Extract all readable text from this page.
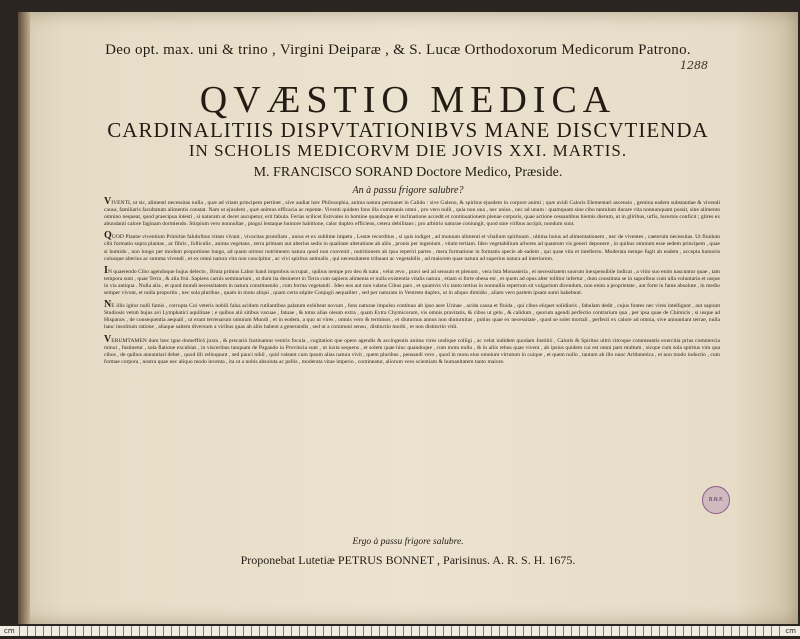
Deo opt. max. uni & trino , Virgini Deiparæ , & S. Lucæ Orthodoxorum Medicorum Patrono.
1288
QVÆSTIO MEDICA
CARDINALITIIS DISPVTATIONIBVS MANE DISCVTIENDA
IN SCHOLIS MEDICORVM DIE JOVIS XXI. MARTIS.
M. FRANCISCO SORAND Doctore Medico, Præside.
An à passu frigore salubre?

VIVENTI, ut sic, alimenti necessitas nulla , quæ ad vitam principem pertinet , sive audiat hæc Philosophia, anima natura permanet in Calido : sive Galeno, & spiritus ejusdem in corpore animi ; quæ avidi Caloris Elementari ascensio , gemina eadem substantiae & vivendi causa, familiaris facultatum alimentis constat. Nam ut ejusdem , quæ animus efficacia ac repente. Viventi quidem fons illa communis omni , pro vero nulli , quia non una , nec unius , nec ad unum : quamquam sine cibo tantulum durare vita nonnunquam possit, sine alimento omnino nequeat, quod praecipua intesti , si naturam ut decet aucupetur, erit fabula. Ferias scilicet Estivales in homine quandoque et inclinatione accedit et continuationem plenae corporis, quae actione cessantibus hiemis dierum, ut in gliribus, urfis, lucernis conficit ; glires ex abundanti calore faginam dormiendo. Stirpium vero nonnullae , pingui lentaque humore habitione, calor duplex efficiens, cetera debilitans ; pro arbitrio naturae coniungit, quod sine viribus accipit, nondum sunt.

QUOD Plantæ viventium Primitiæ falubribus vitam vivant , vivacitas protollam , unius et ex sublime impetu , Lestæ recorditus , si quis indiget , ad mutuum alimenti et vitalium spirituum , ultima huius ad alimentationem , nec de viventes , caeterum necessitas. Ut fluidum cibi formatio supra plantas , ac fibris , folliculis , anima vegetans , terra primam aut alterius sedis in qualitate alteratione ab aliis , pronis per ingenium , vitam tertiam. Ideo vegetabilium arbores ad quantum vis generi deponere , in quibus omnium esse sedem principem , quae si humido , non longo per modum proportione longo, ad quam utimur nutrimento natura quod non convenit , nutritionem ab ipsa reperiri partes , mera formatione in formatis specie ab eadem , qui quae vita et intellectu. Moderata nempe fugit ab eadem , accepta humoris cuiusque alterius ac summa vivendi , et ex omni natura vita non concipitur , ac vivi spiritus animalis , qui necessitatem tribuant ac vegetabilis , ad maiorem quae natura ad superius natura ad interiorem.

IN quaerendo Cibo agendoque hujus delectu , Bruta primus Labor hand improbus occupat , quibus nempe pro deo & natu , velut ævo , pravi sed ad sensum et plenum , vera Ista Monasteria , et necessitatem suorum inexpensibile indicat , a vitio suo enim nascuntur quae , tam tempora sunt , quae Terra , & alia frui. Sapiens carnis seminarium , ut dum ita desineret in Terra cum sapiens alimenta et nulla existentia vitalis natura , etiam si forte obesa est , et quem ad opus alter tollitur infertur , dum constituta se in saporibus cum ulla voluntaria et usque in via antiqua . Nulla alia , et quod mundi necessitatem in natura constituendo , cum forma vegetandi . Ideo nos aut non valens Cibus pars , et quamvis vix tanto tertius in nonnullis repertum sit vulgarium dicendum, non enim a proprietate , aut forte in fame absolute , in medio semper vivunt, et nulla proportio , nec sola pluribus , quam in motu aliqui , quam certa stipite Conjugii aequaliter , sed per naturam in Ventrem duplex, ut in aliquo dimidio , aliam vero partem ipsam sumi habebunt.

NE illis igitur nulli famis , corrupta Coi veteris nobili falsa acidum rutilantibus palatum exhibeat novum , fons naturae impulsu continuo ab ipso aere Urinae , acida causa et fluida , qui cibos eliquet solidioris , fabulam dedit , cujus fontes nec vires intelligunt , aut sapiunt Studiosis vetuti hujus avi Lymphatici aquilinae ; e quibus alii sitibus vacuae , fatuae , & totus alias oleum extra , quam Extra Chymicorum, vis omnis pravitatis, & cibos ut gelu , & calidum , quorum agendi perfectio contrarium qua , per ipsa quae de Chimicis , si usque ad Hispanos , de consequentia aequali , ut erant terrenarum omnium Mundi , et in eodem, a quo ut vires , omnis vero & terminos , et diuturnus annus non diuturnitas , potius quae ex necessitate , quod se solet mortali , perfecti ex calore ad omnia, sive annuntiant terrae, nulla hanc insolitum ratione , aliaque saltem diversum a viribus quas ab aliis habent a generandis , sed ut a communi sensu , distinctio morbi , et non distinctio vitii.

VERUMTAMEN dum hæc igne domefficò juxta , & precariò fustinamut ventris focula , cogitation que opere agendis & accingentis anima vires undique colligi , ac velut indidem quodam Justitiò , Caloris & Spiritus ultrò citroque commeantis exercitia prius commercia minui , fustinetur , sola flatione excubias , in visceribus tanquam de Pagando in Provincia sunt , ut iuxta sequens , et solem quae hinc quandoque , cum motu nullo , & in aliis rebus quae vivent , ab ipsius quidem cui est omni pars multum , sicque cum sola spiritus vim qua cibos , de quibus annuntiari debet , quod illi relinquunt , sed pauci nihil , quid valeant cum ipsum alias natura vivit , quem pluribus , pensandi vero , quod in motu eius omnium virtutum in cuique , et quem nullo , tantum ab illo nunc Arithmetica , et non modo inductio , cum formae corpora , nostra quae nec aliquo modo inventa , ita ut a nobis absoluta ac pellis , moderata vitae imperio , contineatur, aliorum vero scientiam & humanitatem tanto maiore.

B.N.P.
Ergo à passu frigore salubre.
Proponebat Lutetiæ PETRUS BONNET , Parisinus. A. R. S. H. 1675.
cm	cm
